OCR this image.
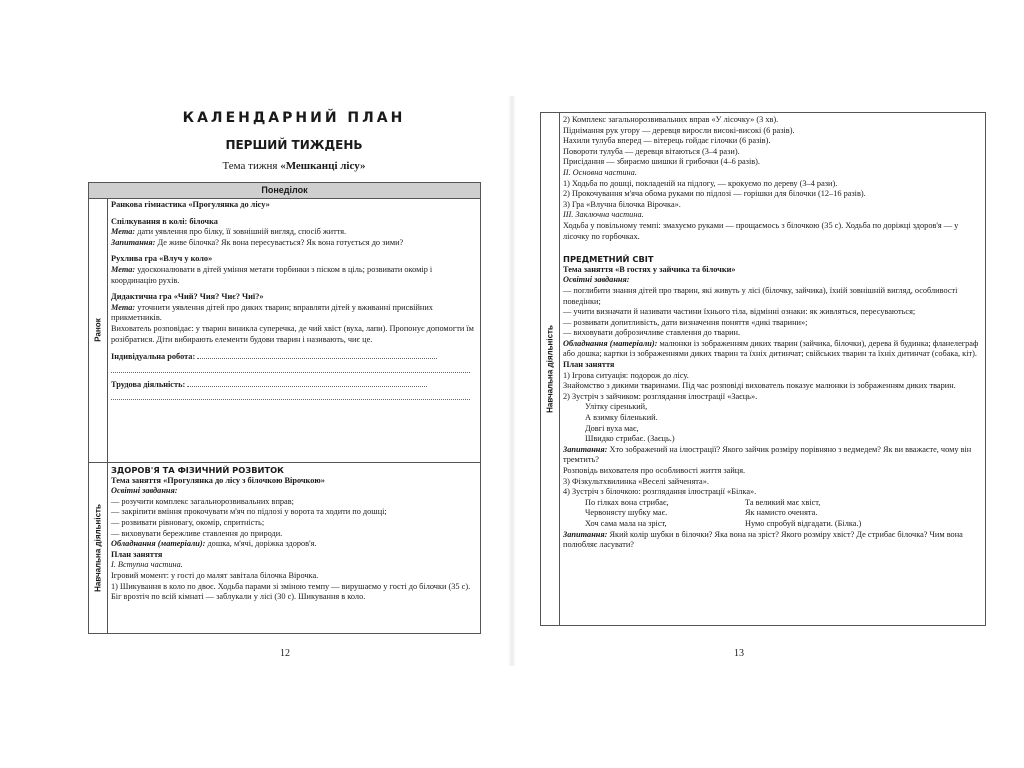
КАЛЕНДАРНИЙ ПЛАН
ПЕРШИЙ ТИЖДЕНЬ
Тема тижня «Мешканці лісу»
Понеділок
Ранок

Ранкова гімнастика «Прогулянка до лісу»

Спілкування в колі: білочка

Мета: дати уявлення про білку, її зовнішній вигляд, спосіб життя.

Запитання: Де живе білочка? Як вона пересувається? Як вона готується до зими?

Рухлива гра «Влуч у коло»

Мета: удосконалювати в дітей уміння метати торбинки з піском в ціль; розвивати окомір і координацію рухів.

Дидактична гра «Чий? Чия? Чиє? Чиї?»

Мета: уточнити уявлення дітей про диких тварин; вправляти дітей у вживанні присвійних прикметників.

Вихователь розповідає: у тварин виникла суперечка, де чий хвіст (вуха, лапи). Пропонує допомогти їм розібратися. Діти вибирають елементи будови тварин і називають, чиє це.

Індивідуальна робота:

Трудова діяльність:

Навчальна діяльність

ЗДОРОВ'Я ТА ФІЗИЧНИЙ РОЗВИТОК

Тема заняття «Прогулянка до лісу з білочкою Вірочкою»

Освітні завдання:

— розучити комплекс загальнорозвивальних вправ;

— закріпити вміння прокочувати м'яч по підлозі у ворота та ходити по дошці;

— розвивати рівновагу, окомір, спритність;

— виховувати бережливе ставлення до природи.

Обладнання (матеріали): дошка, м'ячі, доріжка здоров'я.

План заняття

I. Вступна частина.

Ігровий момент: у гості до малят завітала білочка Вірочка.

1) Шикування в коло по двоє. Ходьба парами зі зміною темпу — вирушаємо у гості до білочки (35 с). Біг врозтіч по всій кімнаті — заблукали у лісі (30 с). Шикування в коло.

12
Навчальна діяльність

2) Комплекс загальнорозвивальних вправ «У лісочку» (3 хв).

Піднімання рук угору — деревця виросли високі-високі (6 разів).

Нахили тулуба вперед — вітерець гойдає гілочки (6 разів).

Повороти тулуба — деревця вітаються (3–4 рази).

Присідання — збираємо шишки й грибочки (4–6 разів).

II. Основна частина.

1) Ходьба по дошці, покладеній на підлогу, — крокуємо по дереву (3–4 рази).

2) Прокочування м'яча обома руками по підлозі — горішки для білочки (12–16 разів).

3) Гра «Влучна білочка Вірочка».

III. Заключна частина.

Ходьба у повільному темпі: змахуємо руками — прощаємось з білочкою (35 с). Ходьба по доріжці здоров'я — у лісочку по горбочках.

ПРЕДМЕТНИЙ СВІТ

Тема заняття «В гостях у зайчика та білочки»

Освітні завдання:

— поглибити знання дітей про тварин, які живуть у лісі (білочку, зайчика), їхній зовнішній вигляд, особливості поведінки;

— учити визначати й називати частини їхнього тіла, відмінні ознаки: як живляться, пересуваються;

— розвивати допитливість, дати визначення поняття «дикі тварини»;

— виховувати доброзичливе ставлення до тварин.

Обладнання (матеріали): малюнки із зображенням диких тварин (зайчика, білочки), дерева й будинка; фланелеграф або дошка; картки із зображеннями диких тварин та їхніх дитинчат; свійських тварин та їхніх дитинчат (собака, кіт).

План заняття

1) Ігрова ситуація: подорож до лісу.

Знайомство з дикими тваринами. Під час розповіді вихователь показує малюнки із зображенням диких тварин.

2) Зустріч з зайчиком: розглядання ілюстрації «Заєць».

Улітку сіренький,

А взимку біленький.

Довгі вуха має,

Швидко стрибає. (Заєць.)

Запитання: Хто зображений на ілюстрації? Якого зайчик розміру порівняно з ведмедем? Як ви вважаєте, чому він тремтить?

Розповідь вихователя про особливості життя зайця.

3) Фізкультхвилинка «Веселі зайченята».

4) Зустріч з білочкою: розглядання ілюстрації «Білка».

По гілках вона стрибає,

Червоняcту шубку має.

Хоч сама мала на зріст,

Та великий має хвіст,

Як намисто оченята.

Нумо спробуй відгадати. (Білка.)

Запитання: Який колір шубки в білочки? Яка вона на зріст? Якого розміру хвіст? Де стрибає білочка? Чим вона полюбляє ласувати?

13
